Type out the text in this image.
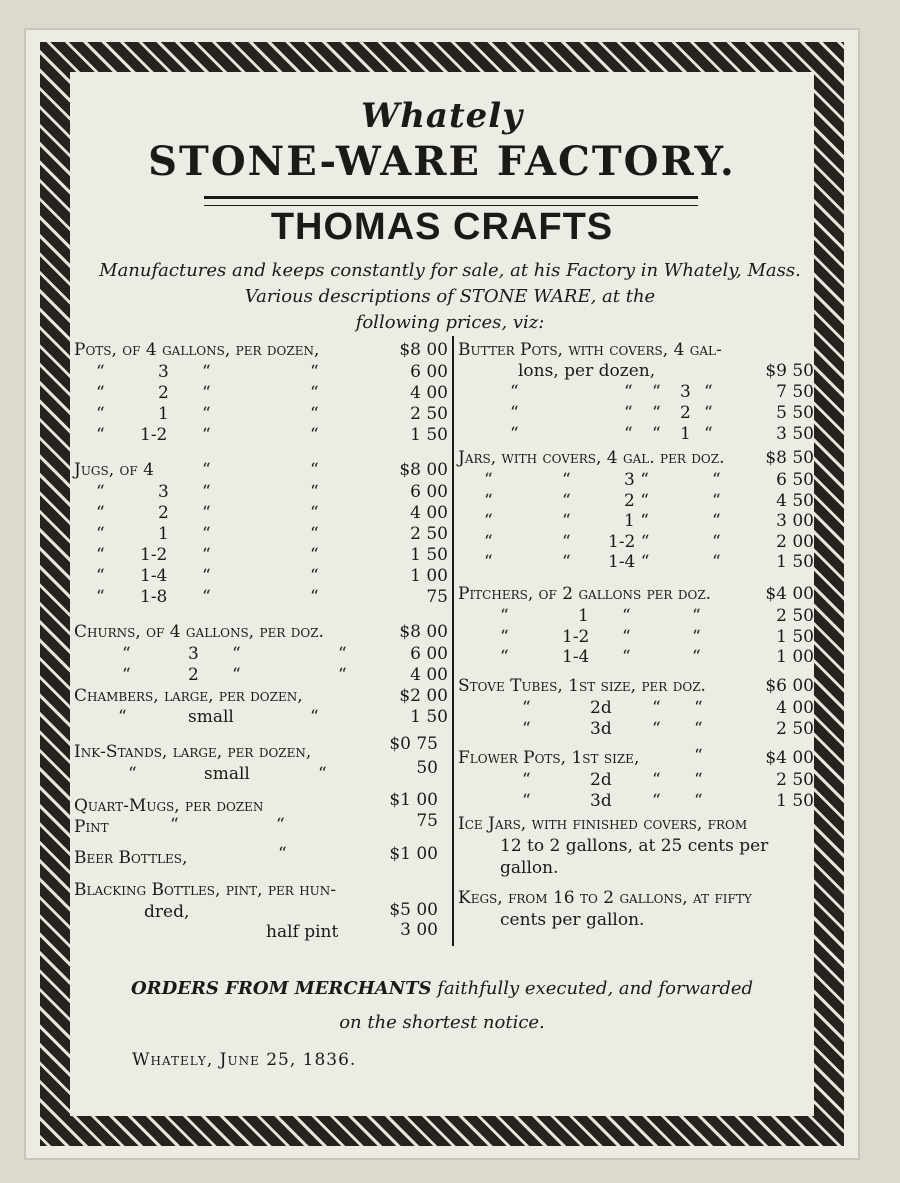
Whately
STONE-WARE FACTORY.
THOMAS CRAFTS
Manufactures and keeps constantly for sale, at his Factory in Whately, Mass.
Various descriptions of STONE WARE, at the
following prices, viz:
Pots, of 4 gallons, per dozen,	$8 00
“	3 “	“	6 00
“	2 “	“	4 00
“	1 “	“	2 50
“ 1-2 “	“	1 50
Jugs, of 4	“	“	$8 00
“	3 “	“	6 00
“	2 “	“	4 00
“	1 “	“	2 50
“ 1-2 “	“	1 50
“ 1-4 “	“	1 00
“ 1-8 “	“	75
Churns, of 4 gallons, per doz.	$8 00
“	3 “	“	6 00
“	2 “	“	4 00
Chambers, large, per dozen,	$2 00
“	small	“	1 50
Ink-Stands, large, per dozen,	$0 75
“	small	“	50
Quart-Mugs, per dozen	$1 00
Pint	“	“	75
Beer Bottles,	“	$1 00
Blacking Bottles, pint, per hun-
dred,	$5 00
half pint	3 00
Butter Pots, with covers, 4 gal-
lons, per dozen,	$9 50
“	“ “ 3 “	7 50
“	“ “ 2 “	5 50
“	“ “ 1 “	3 50
Jars, with covers, 4 gal. per doz. $8 50
“	“	3 “	“	6 50
“	“	2 “	“	4 50
“	“	1 “	“	3 00
“	“ 1-2 “	“	2 00
“	“ 1-4 “	“	1 50
Pitchers, of 2 gallons per doz.	$4 00
“	1 “	“	2 50
“	1-2 “	“	1 50
“	1-4 “	“	1 00
Stove Tubes, 1st size, per doz.	$6 00
“	2d “ “	4 00
“	3d “ “	2 50
Flower Pots, 1st size,	“	$4 00
“	2d “ “	2 50
“	3d “ “	1 50
Ice Jars, with finished covers, from
12 to 2 gallons, at 25 cents per
gallon.
Kegs, from 16 to 2 gallons, at fifty
cents per gallon.
ORDERS FROM MERCHANTS faithfully executed, and forwarded
on the shortest notice.
Whately, June 25, 1836.
